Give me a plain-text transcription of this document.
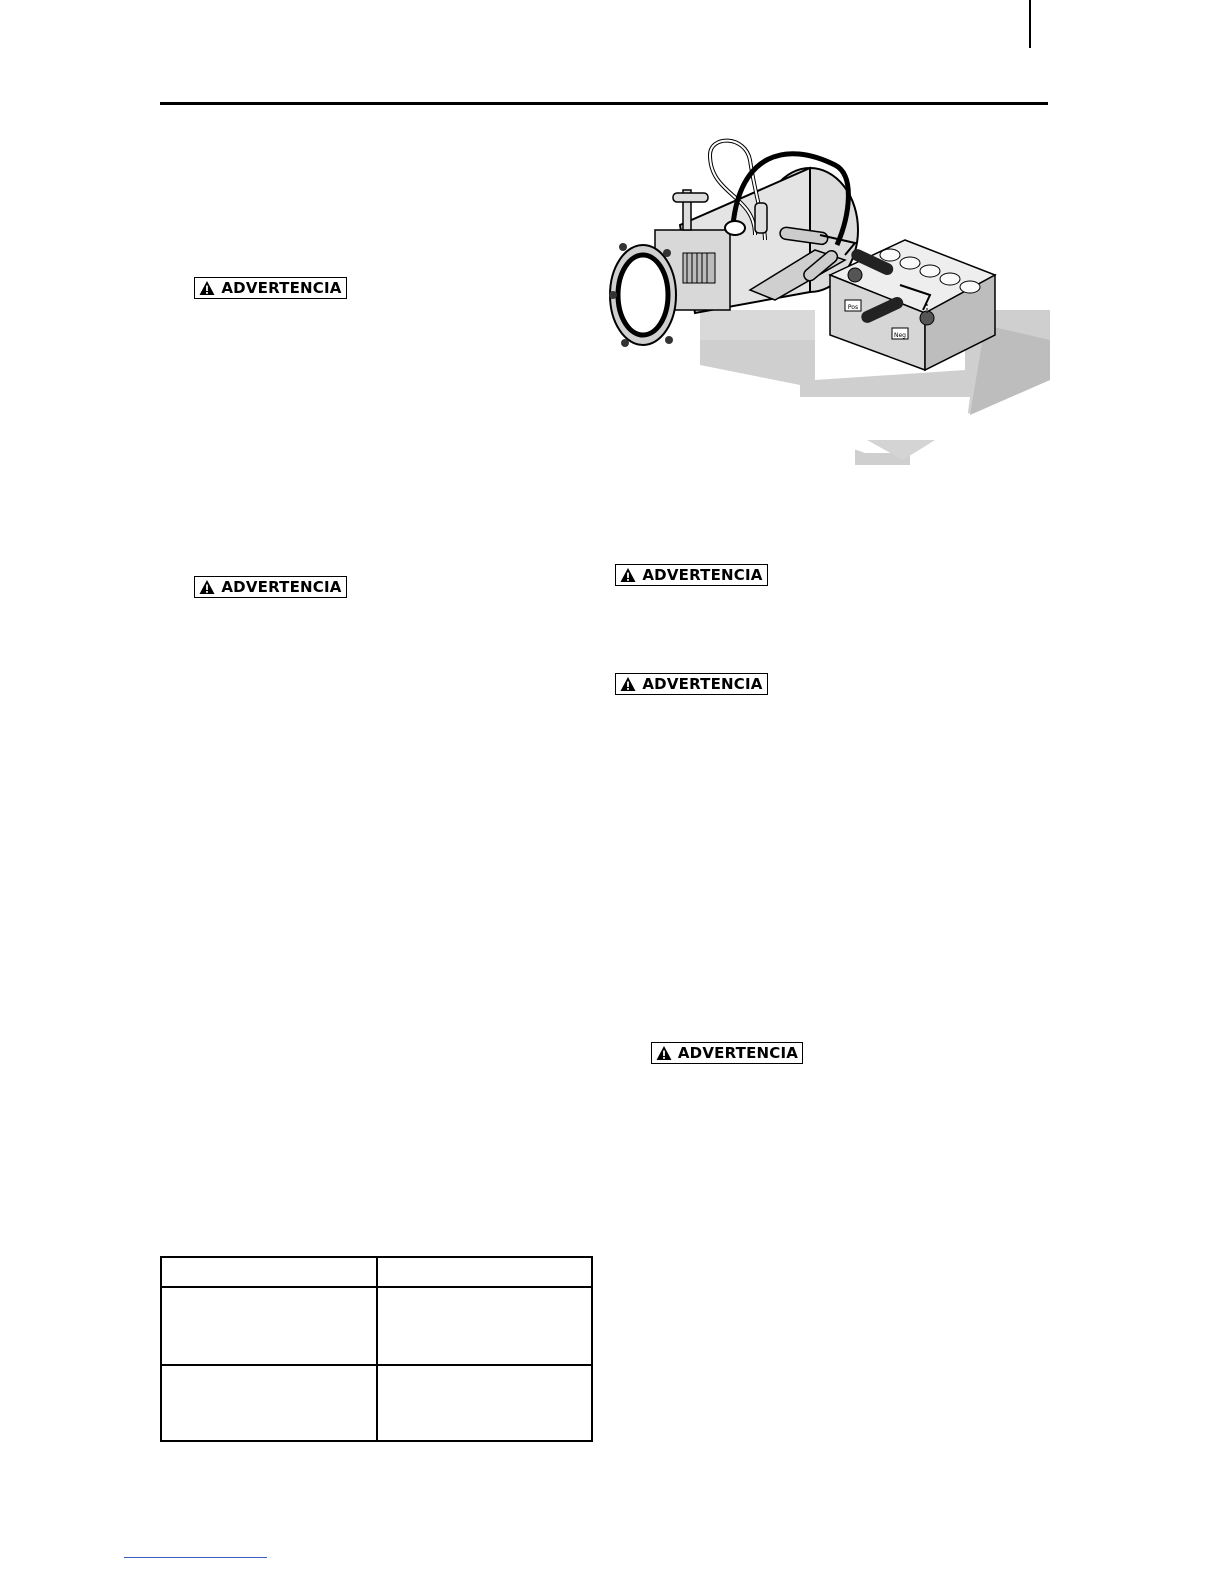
ADVERTENCIA
ADVERTENCIA
ADVERTENCIA
ADVERTENCIA
ADVERTENCIA
Pos
Neg
